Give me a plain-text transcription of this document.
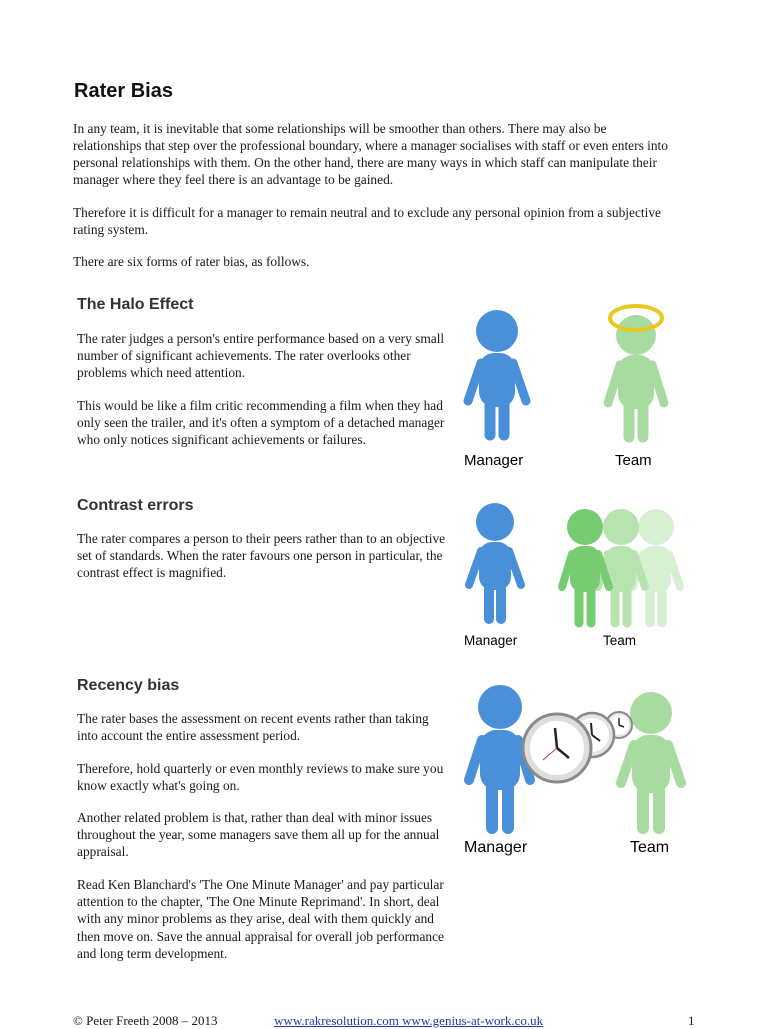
Rater Bias

In any team, it is inevitable that some relationships will be smoother than others. There may also be relationships that step over the professional boundary, where a manager socialises with staff or even enters into personal relationships with them. On the other hand, there are many ways in which staff can manipulate their manager where they feel there is an advantage to be gained.

Therefore it is difficult for a manager to remain neutral and to exclude any personal opinion from a subjective rating system.

There are six forms of rater bias, as follows.

The Halo Effect

The rater judges a person's entire performance based on a very small number of significant achievements. The rater overlooks other problems which need attention.

This would be like a film critic recommending a film when they had only seen the trailer, and it's often a symptom of a detached manager who only notices significant achievements or failures.

Manager	Team
Contrast errors

The rater compares a person to their peers rather than to an objective set of standards. When the rater favours one person in particular, the contrast effect is magnified.

Manager	Team
Recency bias

The rater bases the assessment on recent events rather than taking into account the entire assessment period.

Therefore, hold quarterly or even monthly reviews to make sure you know exactly what's going on.

Another related problem is that, rather than deal with minor issues throughout the year, some managers save them all up for the annual appraisal.

Read Ken Blanchard's 'The One Minute Manager' and pay particular attention to the chapter, 'The One Minute Reprimand'. In short, deal with any minor problems as they arise, deal with them quickly and then move on. Save the annual appraisal for overall job performance and long term development.

Manager	Team
© Peter Freeth 2008 – 2013	www.rakresolution.com www.genius-at-work.co.uk	1
